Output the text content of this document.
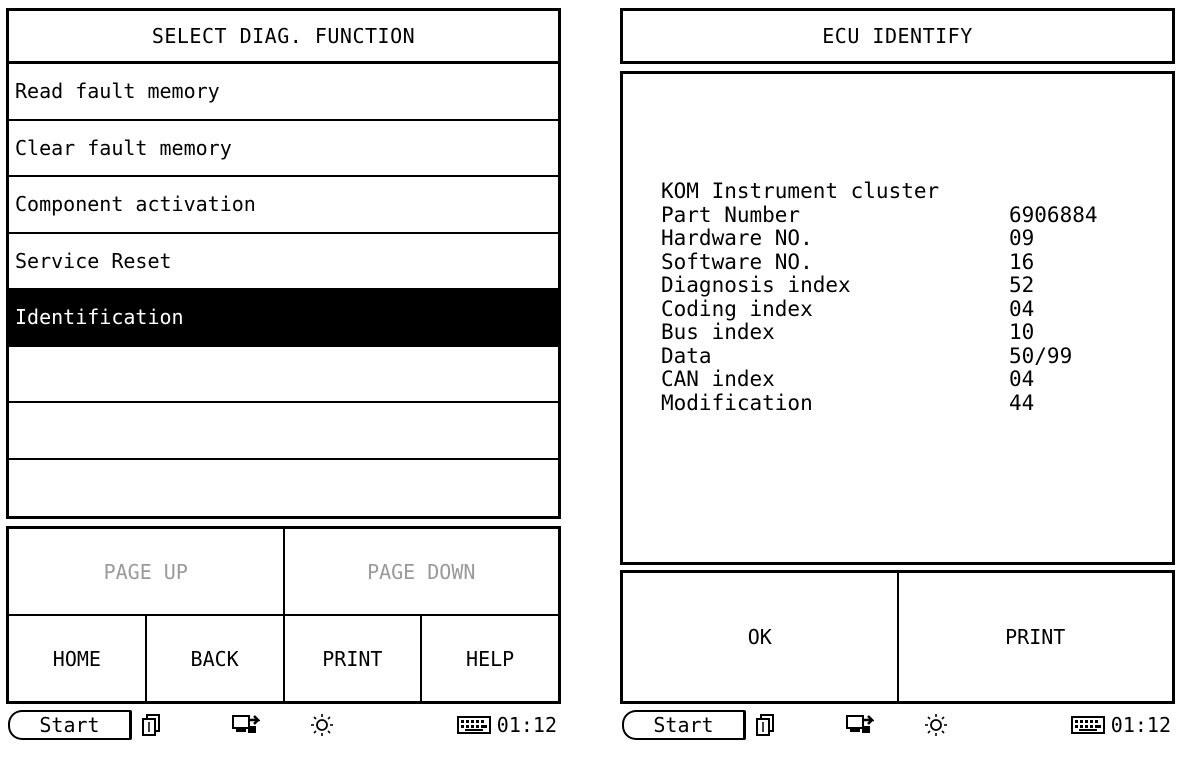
SELECT DIAG. FUNCTION
Read fault memory
Clear fault memory
Component activation
Service Reset
Identification
PAGE UP	PAGE DOWN
HOME	BACK	PRINT	HELP
Start	01:12
ECU IDENTIFY
KOM Instrument cluster
Part Number	6906884
Hardware NO.	09
Software NO.	16
Diagnosis index	52
Coding index	04
Bus index	10
Data	50/99
CAN index	04
Modification	44
OK	PRINT
Start	01:12
